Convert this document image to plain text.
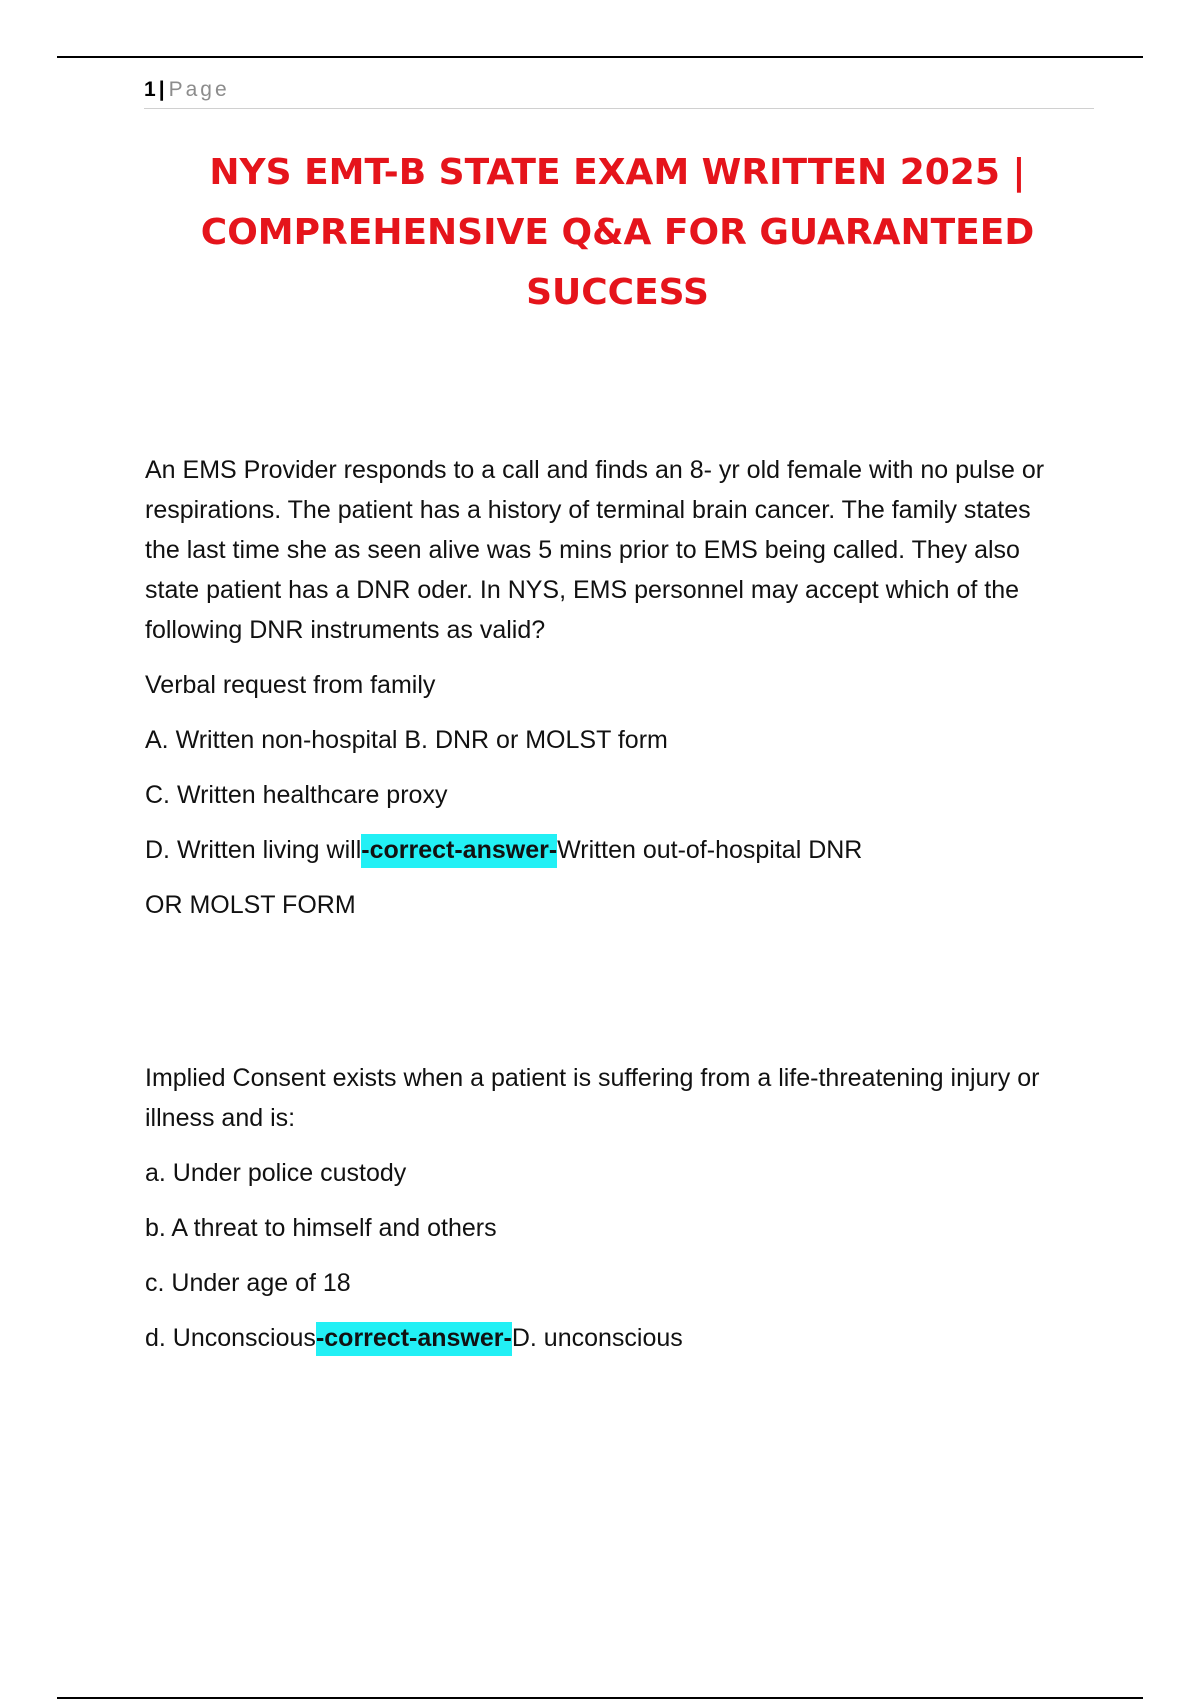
1 | Page
NYS EMT-B STATE EXAM WRITTEN 2025 |
COMPREHENSIVE Q&A FOR GUARANTEED
SUCCESS

An EMS Provider responds to a call and finds an 8- yr old female with no pulse or
respirations. The patient has a history of terminal brain cancer. The family states
the last time she as seen alive was 5 mins prior to EMS being called. They also
state patient has a DNR oder. In NYS, EMS personnel may accept which of the
following DNR instruments as valid?

Verbal request from family

A. Written non-hospital B. DNR or MOLST form

C. Written healthcare proxy

D. Written living will-correct-answer-Written out-of-hospital DNR

OR MOLST FORM

Implied Consent exists when a patient is suffering from a life-threatening injury or
illness and is:

a. Under police custody

b. A threat to himself and others

c. Under age of 18

d. Unconscious-correct-answer-D. unconscious
